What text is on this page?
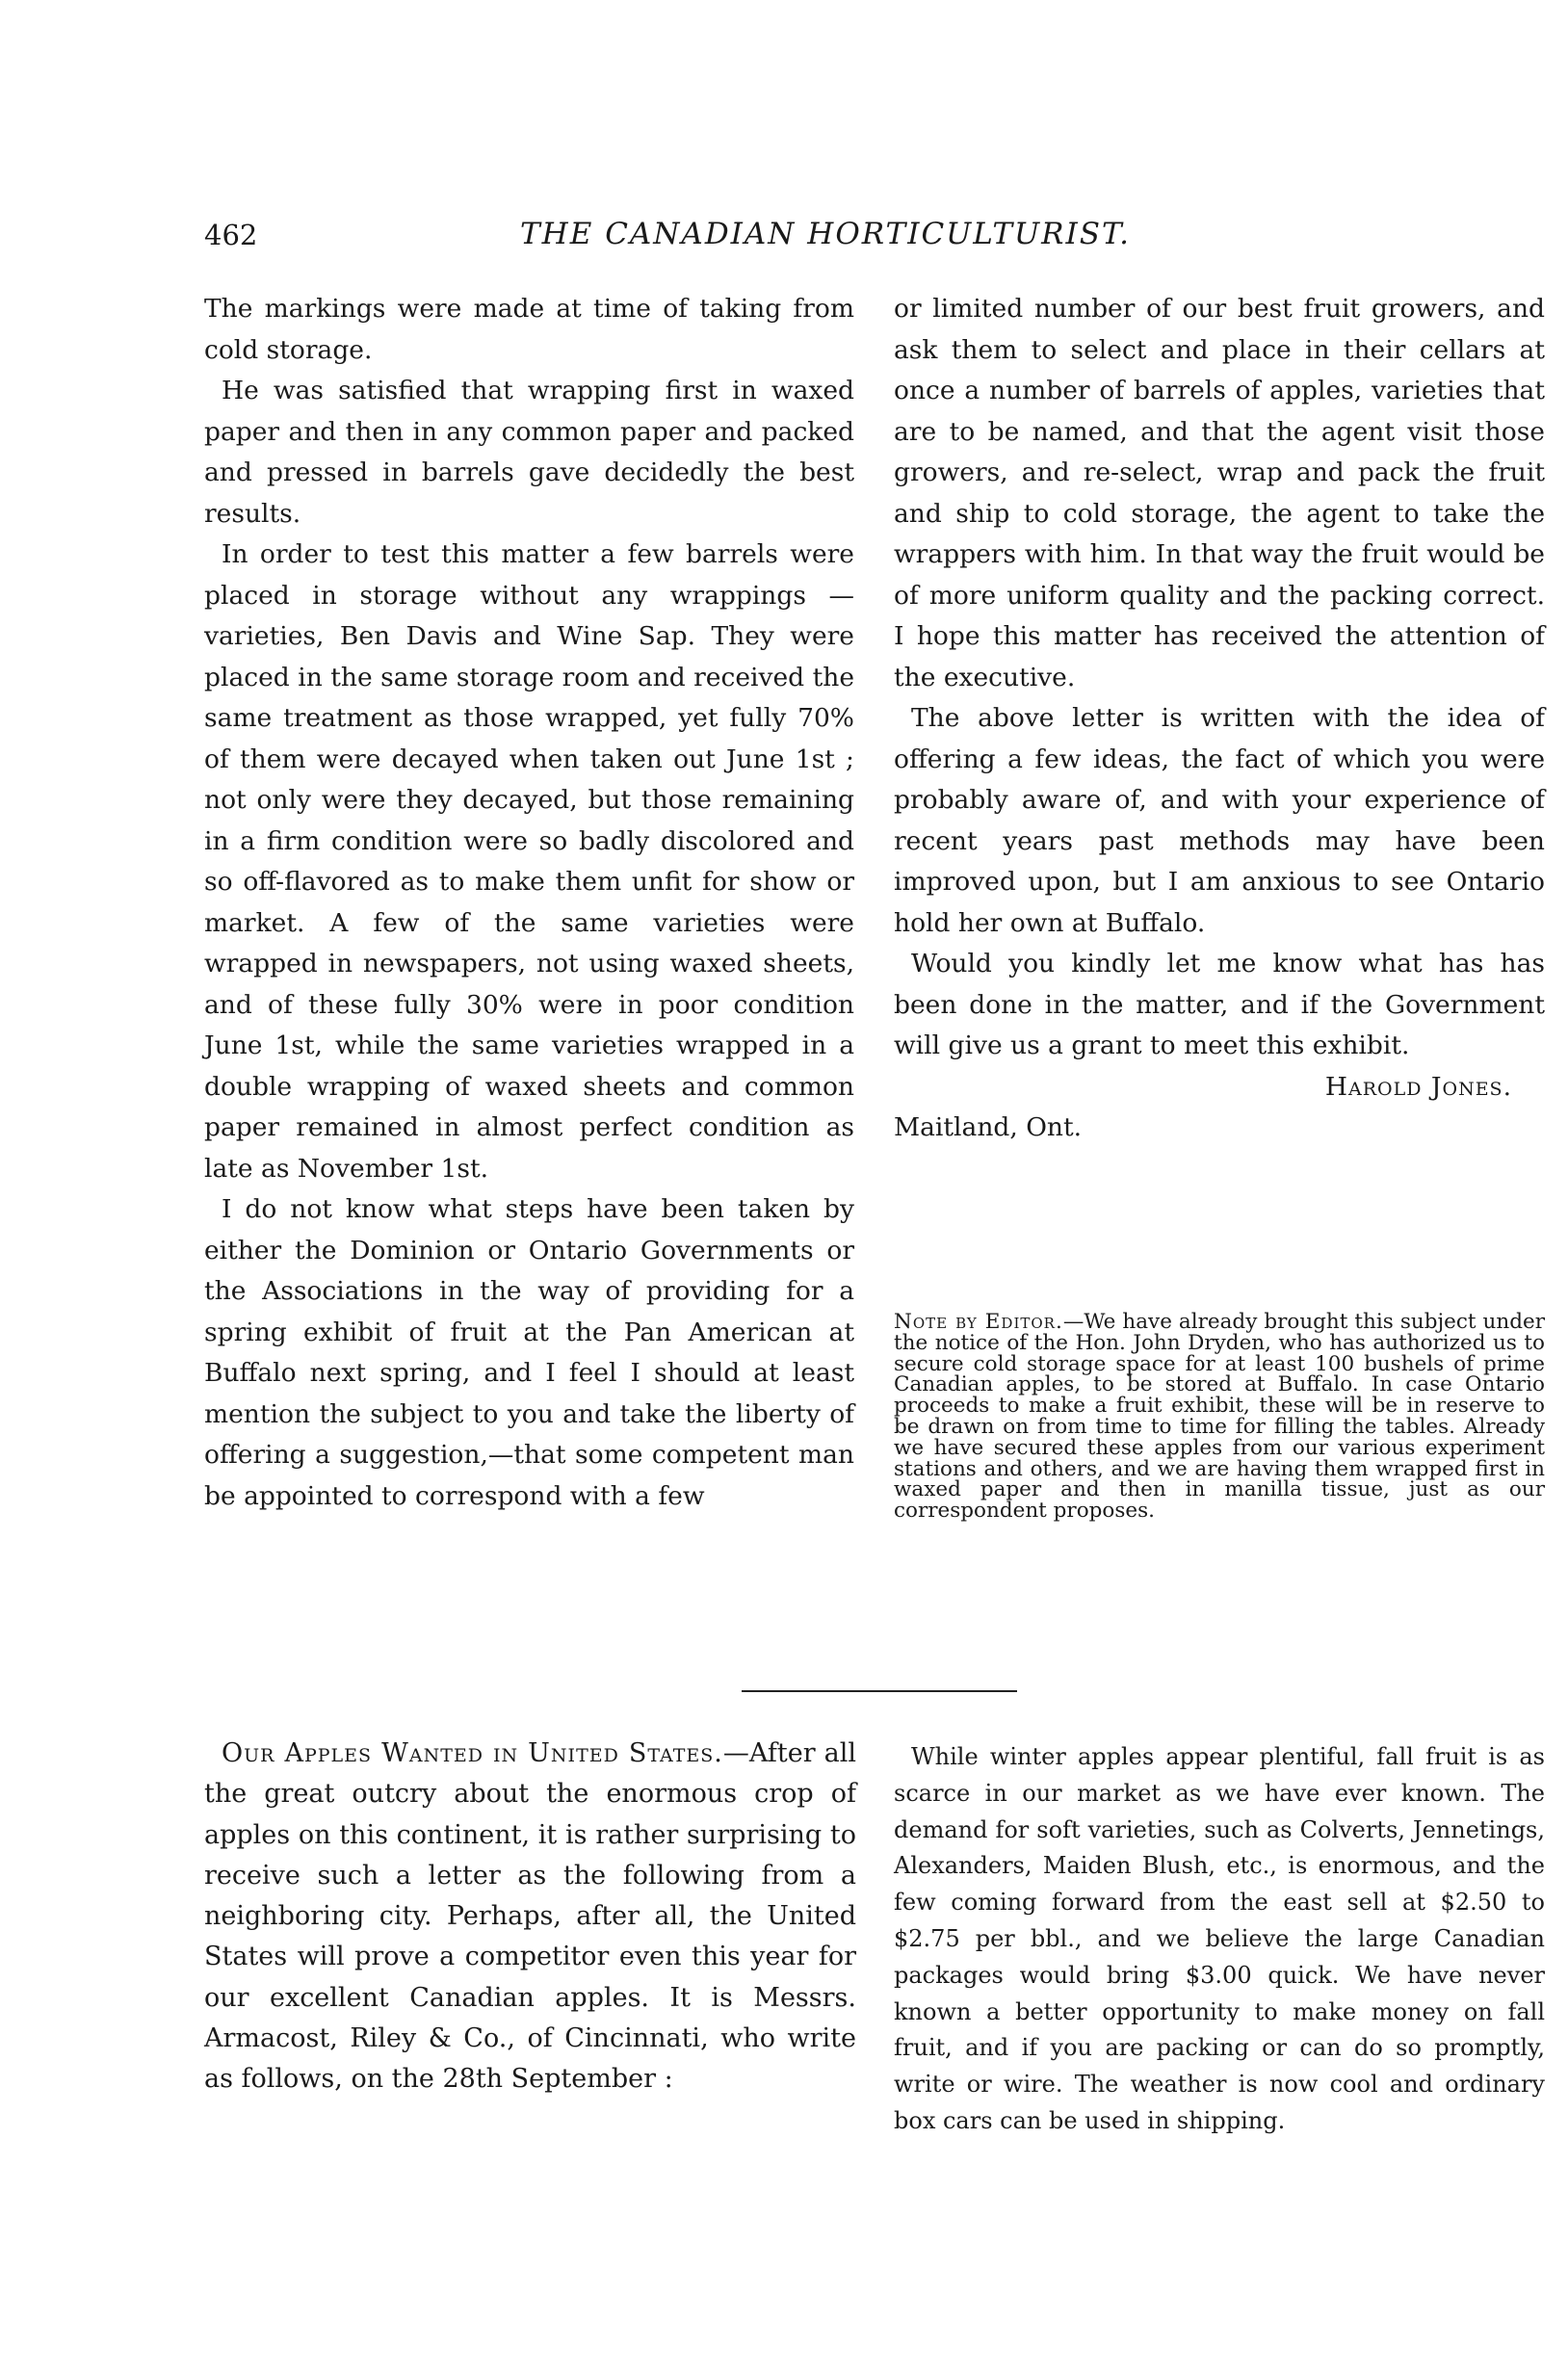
462	THE CANADIAN HORTICULTURIST.

The markings were made at time of taking from cold storage.

He was satisfied that wrapping first in waxed paper and then in any common paper and packed and pressed in barrels gave decidedly the best results.

In order to test this matter a few barrels were placed in storage without any wrappings — varieties, Ben Davis and Wine Sap. They were placed in the same storage room and received the same treatment as those wrapped, yet fully 70% of them were decayed when taken out June 1st ; not only were they decayed, but those remaining in a firm condition were so badly discolored and so off-flavored as to make them unfit for show or market. A few of the same varieties were wrapped in newspapers, not using waxed sheets, and of these fully 30% were in poor condition June 1st, while the same varieties wrapped in a double wrapping of waxed sheets and common paper remained in almost perfect condition as late as November 1st.

I do not know what steps have been taken by either the Dominion or Ontario Governments or the Associations in the way of providing for a spring exhibit of fruit at the Pan American at Buffalo next spring, and I feel I should at least mention the subject to you and take the liberty of offering a suggestion,—that some competent man be appointed to correspond with a few

or limited number of our best fruit growers, and ask them to select and place in their cellars at once a number of barrels of apples, varieties that are to be named, and that the agent visit those growers, and re-select, wrap and pack the fruit and ship to cold storage, the agent to take the wrappers with him. In that way the fruit would be of more uniform quality and the packing correct. I hope this matter has received the attention of the executive.

The above letter is written with the idea of offering a few ideas, the fact of which you were probably aware of, and with your experience of recent years past methods may have been improved upon, but I am anxious to see Ontario hold her own at Buffalo.

Would you kindly let me know what has has been done in the matter, and if the Government will give us a grant to meet this exhibit.

Harold Jones.

Maitland, Ont.

Note by Editor.—We have already brought this subject under the notice of the Hon. John Dryden, who has authorized us to secure cold storage space for at least 100 bushels of prime Canadian apples, to be stored at Buffalo. In case Ontario proceeds to make a fruit exhibit, these will be in reserve to be drawn on from time to time for filling the tables. Already we have secured these apples from our various experiment stations and others, and we are having them wrapped first in waxed paper and then in manilla tissue, just as our correspondent proposes.

Our Apples Wanted in United States.—After all the great outcry about the enormous crop of apples on this continent, it is rather surprising to receive such a letter as the following from a neighboring city. Perhaps, after all, the United States will prove a competitor even this year for our excellent Canadian apples. It is Messrs. Armacost, Riley & Co., of Cincinnati, who write as follows, on the 28th September :

While winter apples appear plentiful, fall fruit is as scarce in our market as we have ever known. The demand for soft varieties, such as Colverts, Jennetings, Alexanders, Maiden Blush, etc., is enormous, and the few coming forward from the east sell at $2.50 to $2.75 per bbl., and we believe the large Canadian packages would bring $3.00 quick. We have never known a better opportunity to make money on fall fruit, and if you are packing or can do so promptly, write or wire. The weather is now cool and ordinary box cars can be used in shipping.
